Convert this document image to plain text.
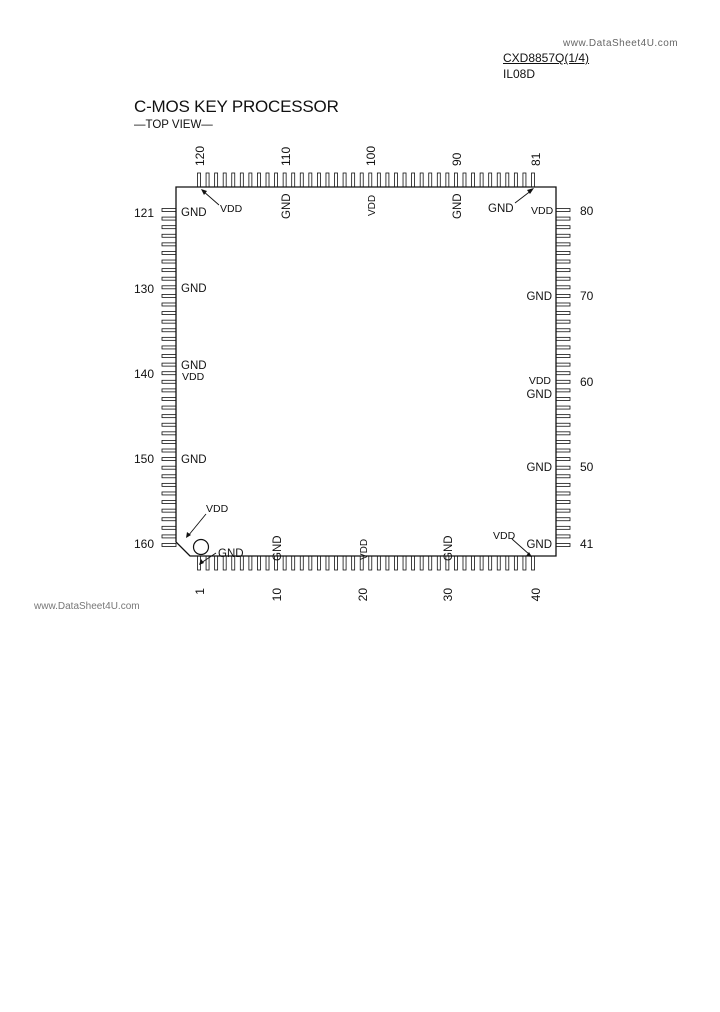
www.DataSheet4U.com
CXD8857Q(1/4)
IL08D
C-MOS KEY PROCESSOR
—TOP VIEW—
www.DataSheet4U.com
120	110	100	90	81
121
130
140
150
160
80
70
60
50
41
1	10	20	30	40
VDD	GND	VDD	GND GND VDD
GND
GND
GND
VDD
GND
VDD
GND
VDD
GND
GND
VDD
GND
GND GND	VDD	GND
